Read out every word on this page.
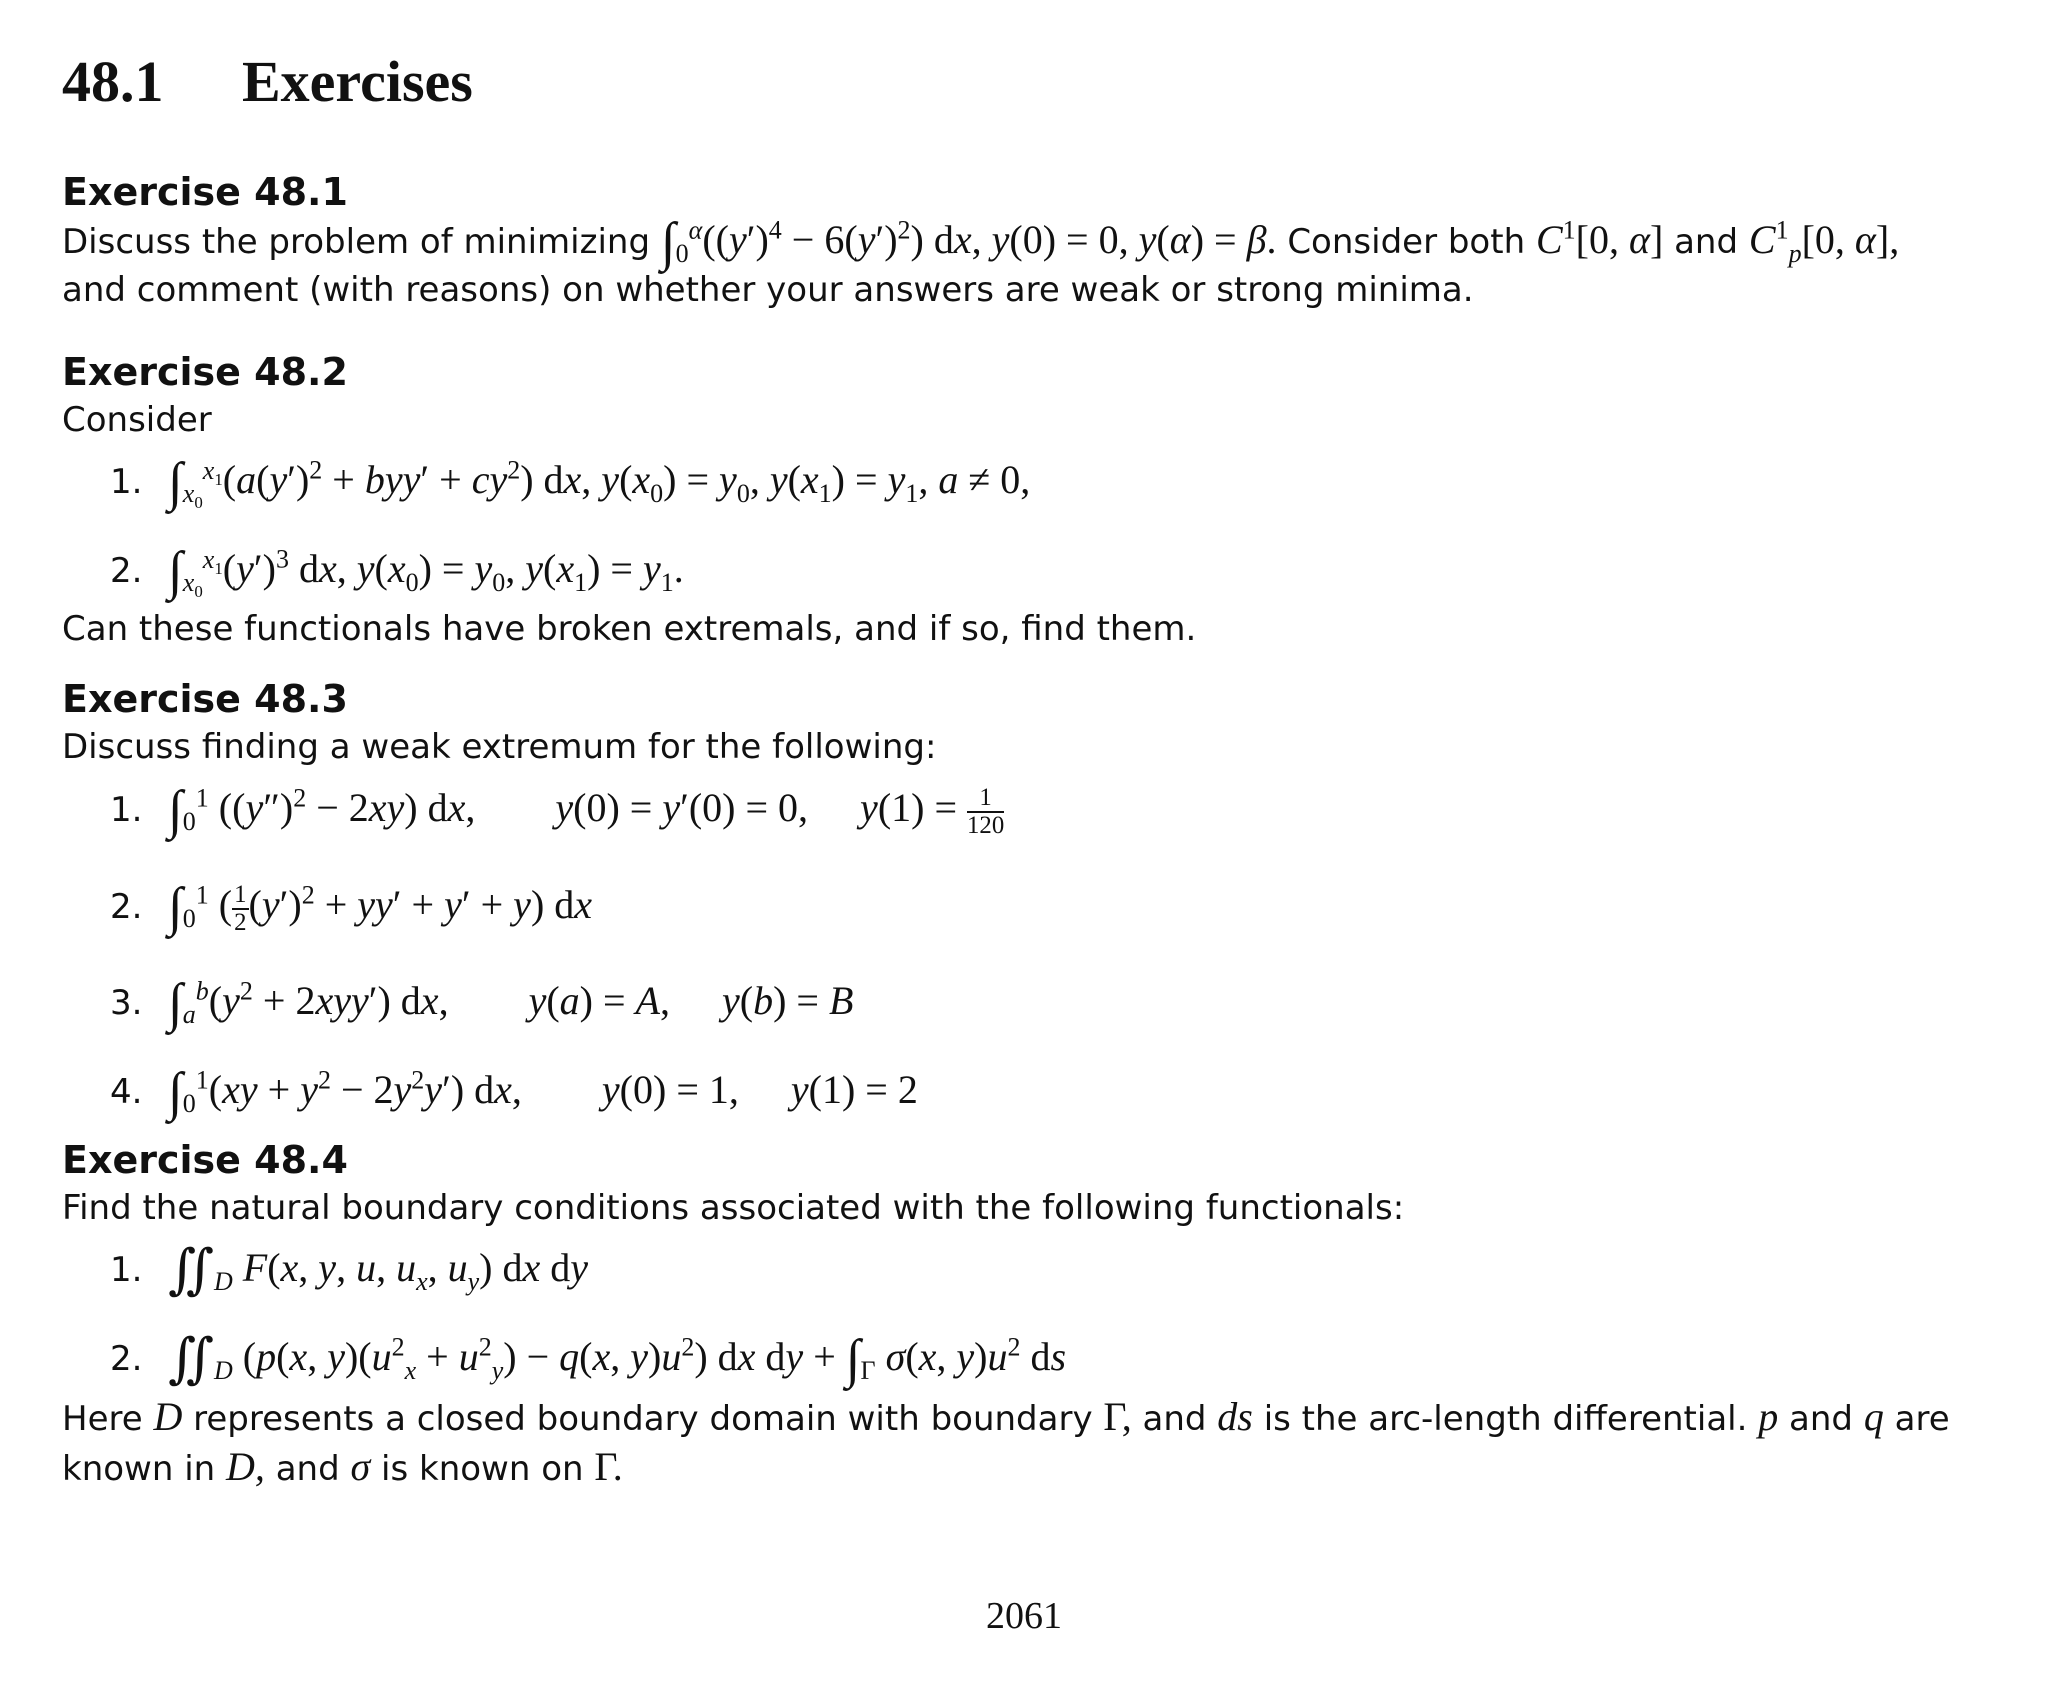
48.1 Exercises
Exercise 48.1
Discuss the problem of minimizing $\int_0^\alpha((y')^4 - 6(y')^2)$ dx, y(0) = 0, y(α) = β. Consider both $C^1[0$, α] and $C^1_p[0$, α],
and comment (with reasons) on whether your answers are weak or strong minima.
Exercise 48.2
Consider
1. $\int_{x_0}^{x_1}(a(y')^2 + byy' + cy^2)$ dx, $y(x_0) = y_0$, $y(x_1) = y_1$, a ≠ 0,
2. $\int_{x_0}^{x_1}(y')^3$ dx, $y(x_0) = y_0$, $y(x_1) = y_1$.
Can these functionals have broken extremals, and if so, find them.
Exercise 48.3
Discuss finding a weak extremum for the following:
1. $\int_0^1$ $((y'')^2 - 2xy)$ dx, y(0) = y′(0) = 0, $y(1) = \frac{1}{120}$
2. $\int_0^1$ ( $\frac{1}{2} (y')^2 + yy' + y' + y$) dx
3. $\int_a^b(y^2 + 2xyy')$ dx, y(a) = A, y(b) = B
4. $\int_0^1(xy + y^2 - 2y^2y')$ dx, y(0) = 1, y(1) = 2
Exercise 48.4
Find the natural boundary conditions associated with the following functionals:
1. $∬_D$ F(x, y, u, $u_x$, $u_y$) dx dy
2. $∬_D$ (p(x, $y)(u^2_x + u^2_y) - q(x$, $y)u^2$) dx dy + $\int_\Gamma$ σ(x, $y)u^2$ ds
Here D represents a closed boundary domain with boundary Γ, and ds is the arc-length differential. p and q are known in D, and σ is known on Γ.
2061
